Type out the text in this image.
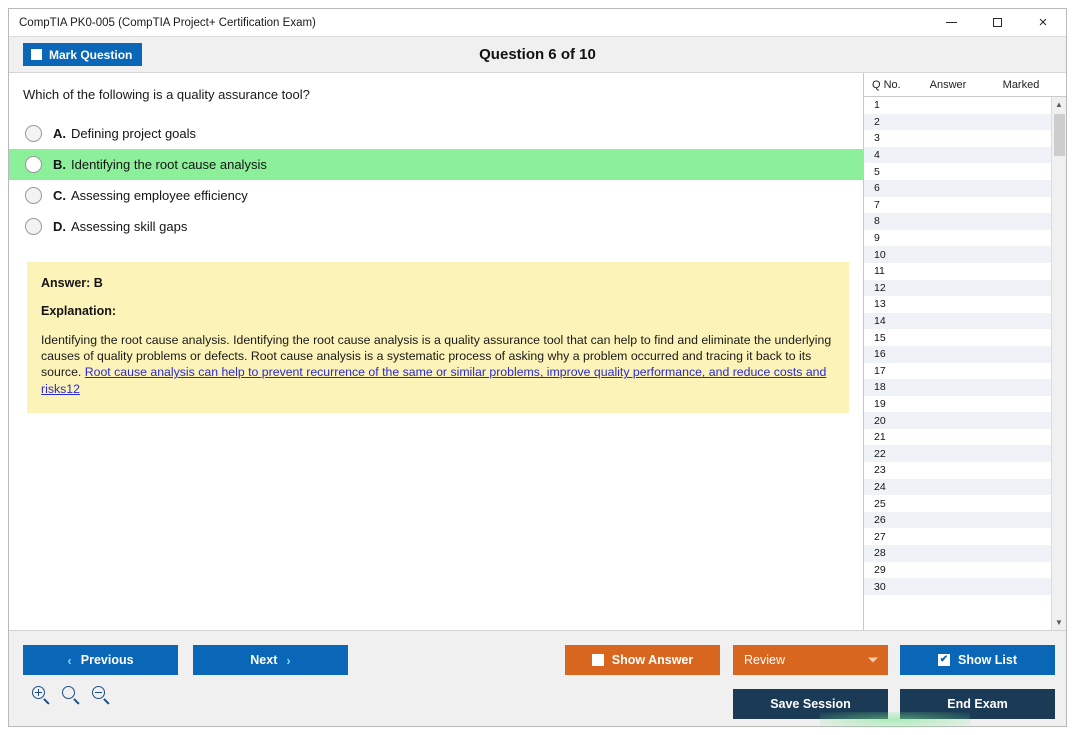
CompTIA PK0-005 (CompTIA Project+ Certification Exam)	×
Mark Question	Question 6 of 10
Which of the following is a quality assurance tool?
A. Defining project goals
B. Identifying the root cause analysis
C. Assessing employee efficiency
D. Assessing skill gaps
Answer: B
Explanation:
Identifying the root cause analysis. Identifying the root cause analysis is a quality assurance tool that can help to find and eliminate the underlying causes of quality problems or defects. Root cause analysis is a systematic process of asking why a problem occurred and tracing it back to its source. Root cause analysis can help to prevent recurrence of the same or similar problems, improve quality performance, and reduce costs and risks12
Q No.	Answer	Marked
1
2
3
4
5
6
7
8
9
10
11
12
13
14
15
16
17
18
19
20
21
22
23
24
25
26
27
28
29
30
▲
▼
‹ Previous	Next ›	Show Answer	Review	✔ Show List
Save Session	End Exam
